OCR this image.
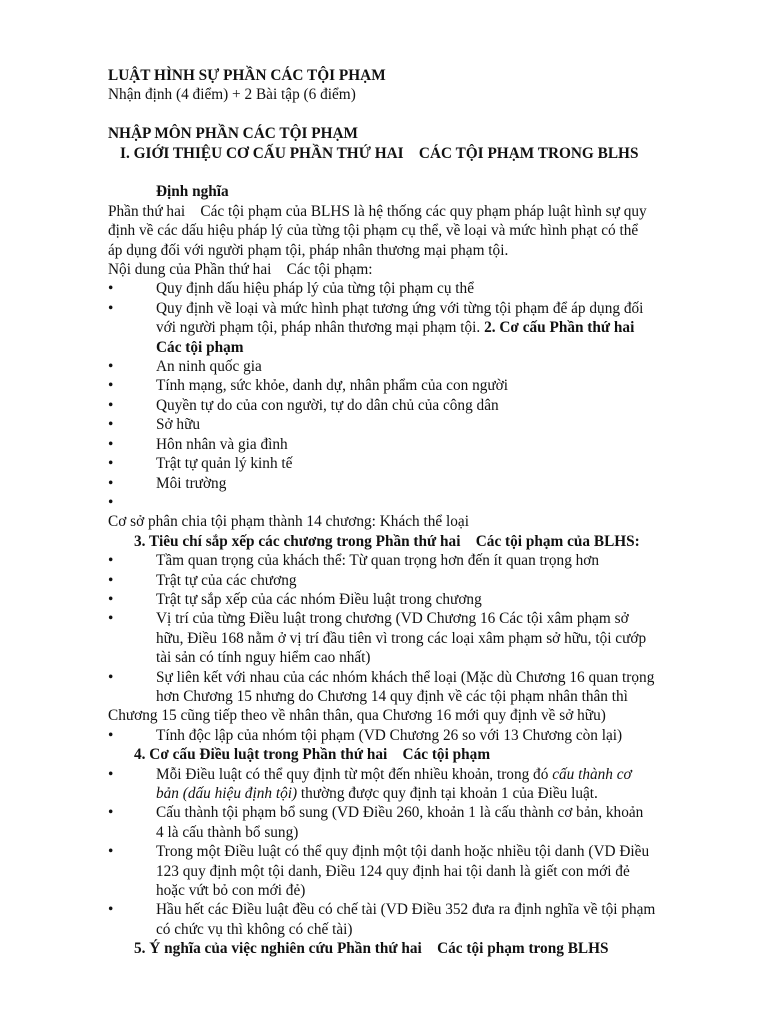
LUẬT HÌNH SỰ PHẦN CÁC TỘI PHẠM
Nhận định (4 điểm) + 2 Bài tập (6 điểm)
NHẬP MÔN PHẦN CÁC TỘI PHẠM
I. GIỚI THIỆU CƠ CẤU PHẦN THỨ HAI    CÁC TỘI PHẠM TRONG BLHS
Định nghĩa
Phần thứ hai    Các tội phạm của BLHS là hệ thống các quy phạm pháp luật hình sự quy
định về các dấu hiệu pháp lý của từng tội phạm cụ thể, về loại và mức hình phạt có thể
áp dụng đối với người phạm tội, pháp nhân thương mại phạm tội.
Nội dung của Phần thứ hai    Các tội phạm:
•	Quy định dấu hiệu pháp lý của từng tội phạm cụ thể
•	Quy định về loại và mức hình phạt tương ứng với từng tội phạm để áp dụng đối
với người phạm tội, pháp nhân thương mại phạm tội. 2. Cơ cấu Phần thứ hai
Các tội phạm
•	An ninh quốc gia
•	Tính mạng, sức khỏe, danh dự, nhân phẩm của con người
•	Quyền tự do của con người, tự do dân chủ của công dân
•	Sở hữu
•	Hôn nhân và gia đình
•	Trật tự quản lý kinh tế
•	Môi trường
•

Cơ sở phân chia tội phạm thành 14 chương: Khách thể loại
3. Tiêu chí sắp xếp các chương trong Phần thứ hai    Các tội phạm của BLHS:
•	Tầm quan trọng của khách thể: Từ quan trọng hơn đến ít quan trọng hơn
•	Trật tự của các chương
•	Trật tự sắp xếp của các nhóm Điều luật trong chương
•	Vị trí của từng Điều luật trong chương (VD Chương 16 Các tội xâm phạm sở
hữu, Điều 168 nằm ở vị trí đầu tiên vì trong các loại xâm phạm sở hữu, tội cướp
tài sản có tính nguy hiểm cao nhất)
•	Sự liên kết với nhau của các nhóm khách thể loại (Mặc dù Chương 16 quan trọng
hơn Chương 15 nhưng do Chương 14 quy định về các tội phạm nhân thân thì
Chương 15 cũng tiếp theo về nhân thân, qua Chương 16 mới quy định về sở hữu)
•	Tính độc lập của nhóm tội phạm (VD Chương 26 so với 13 Chương còn lại)
4. Cơ cấu Điều luật trong Phần thứ hai    Các tội phạm
•	Mỗi Điều luật có thể quy định từ một đến nhiều khoản, trong đó cấu thành cơ
bản (dấu hiệu định tội) thường được quy định tại khoản 1 của Điều luật.
•	Cấu thành tội phạm bổ sung (VD Điều 260, khoản 1 là cấu thành cơ bản, khoản
4 là cấu thành bổ sung)
•	Trong một Điều luật có thể quy định một tội danh hoặc nhiều tội danh (VD Điều
123 quy định một tội danh, Điều 124 quy định hai tội danh là giết con mới đẻ
hoặc vứt bỏ con mới đẻ)
•	Hầu hết các Điều luật đều có chế tài (VD Điều 352 đưa ra định nghĩa về tội phạm
có chức vụ thì không có chế tài)
5. Ý nghĩa của việc nghiên cứu Phần thứ hai    Các tội phạm trong BLHS
